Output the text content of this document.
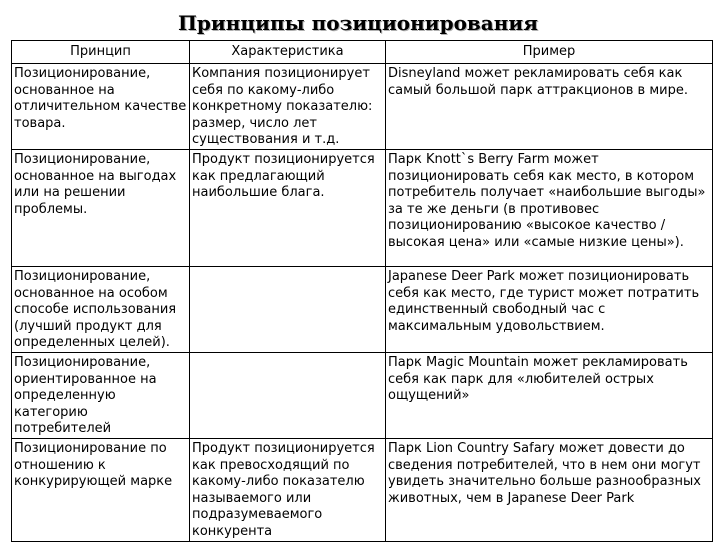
Принципы позиционирования
Принцип	Характеристика	Пример

Позиционирование, основанное на отличительном качестве товара.	Компания позиционирует себя по какому-либо конкретному показателю: размер, число лет существования и т.д.	Disneyland может рекламировать себя как самый большой парк аттракционов в мире.

Позиционирование, основанное на выгодах или на решении проблемы.	Продукт позиционируется как предлагающий наибольшие блага.	Парк Knott`s Berry Farm может позиционировать себя как место, в котором потребитель получает «наибольшие выгоды» за те же деньги (в противовес позиционированию «высокое качество / высокая цена» или «самые низкие цены»).

Позиционирование, основанное на особом способе использования (лучший продукт для определенных целей).		Japanese Deer Park может позиционировать себя как место, где турист может потратить единственный свободный час с максимальным удовольствием.

Позиционирование, ориентированное на определенную категорию потребителей		Парк Magic Mountain может рекламировать себя как парк для «любителей острых ощущений»

Позиционирование по отношению к конкурирующей марке	Продукт позиционируется как превосходящий по какому-либо показателю называемого или подразумеваемого конкурента	Парк Lion Country Safary может довести до сведения потребителей, что в нем они могут увидеть значительно больше разнообразных животных, чем в Japanese Deer Park
